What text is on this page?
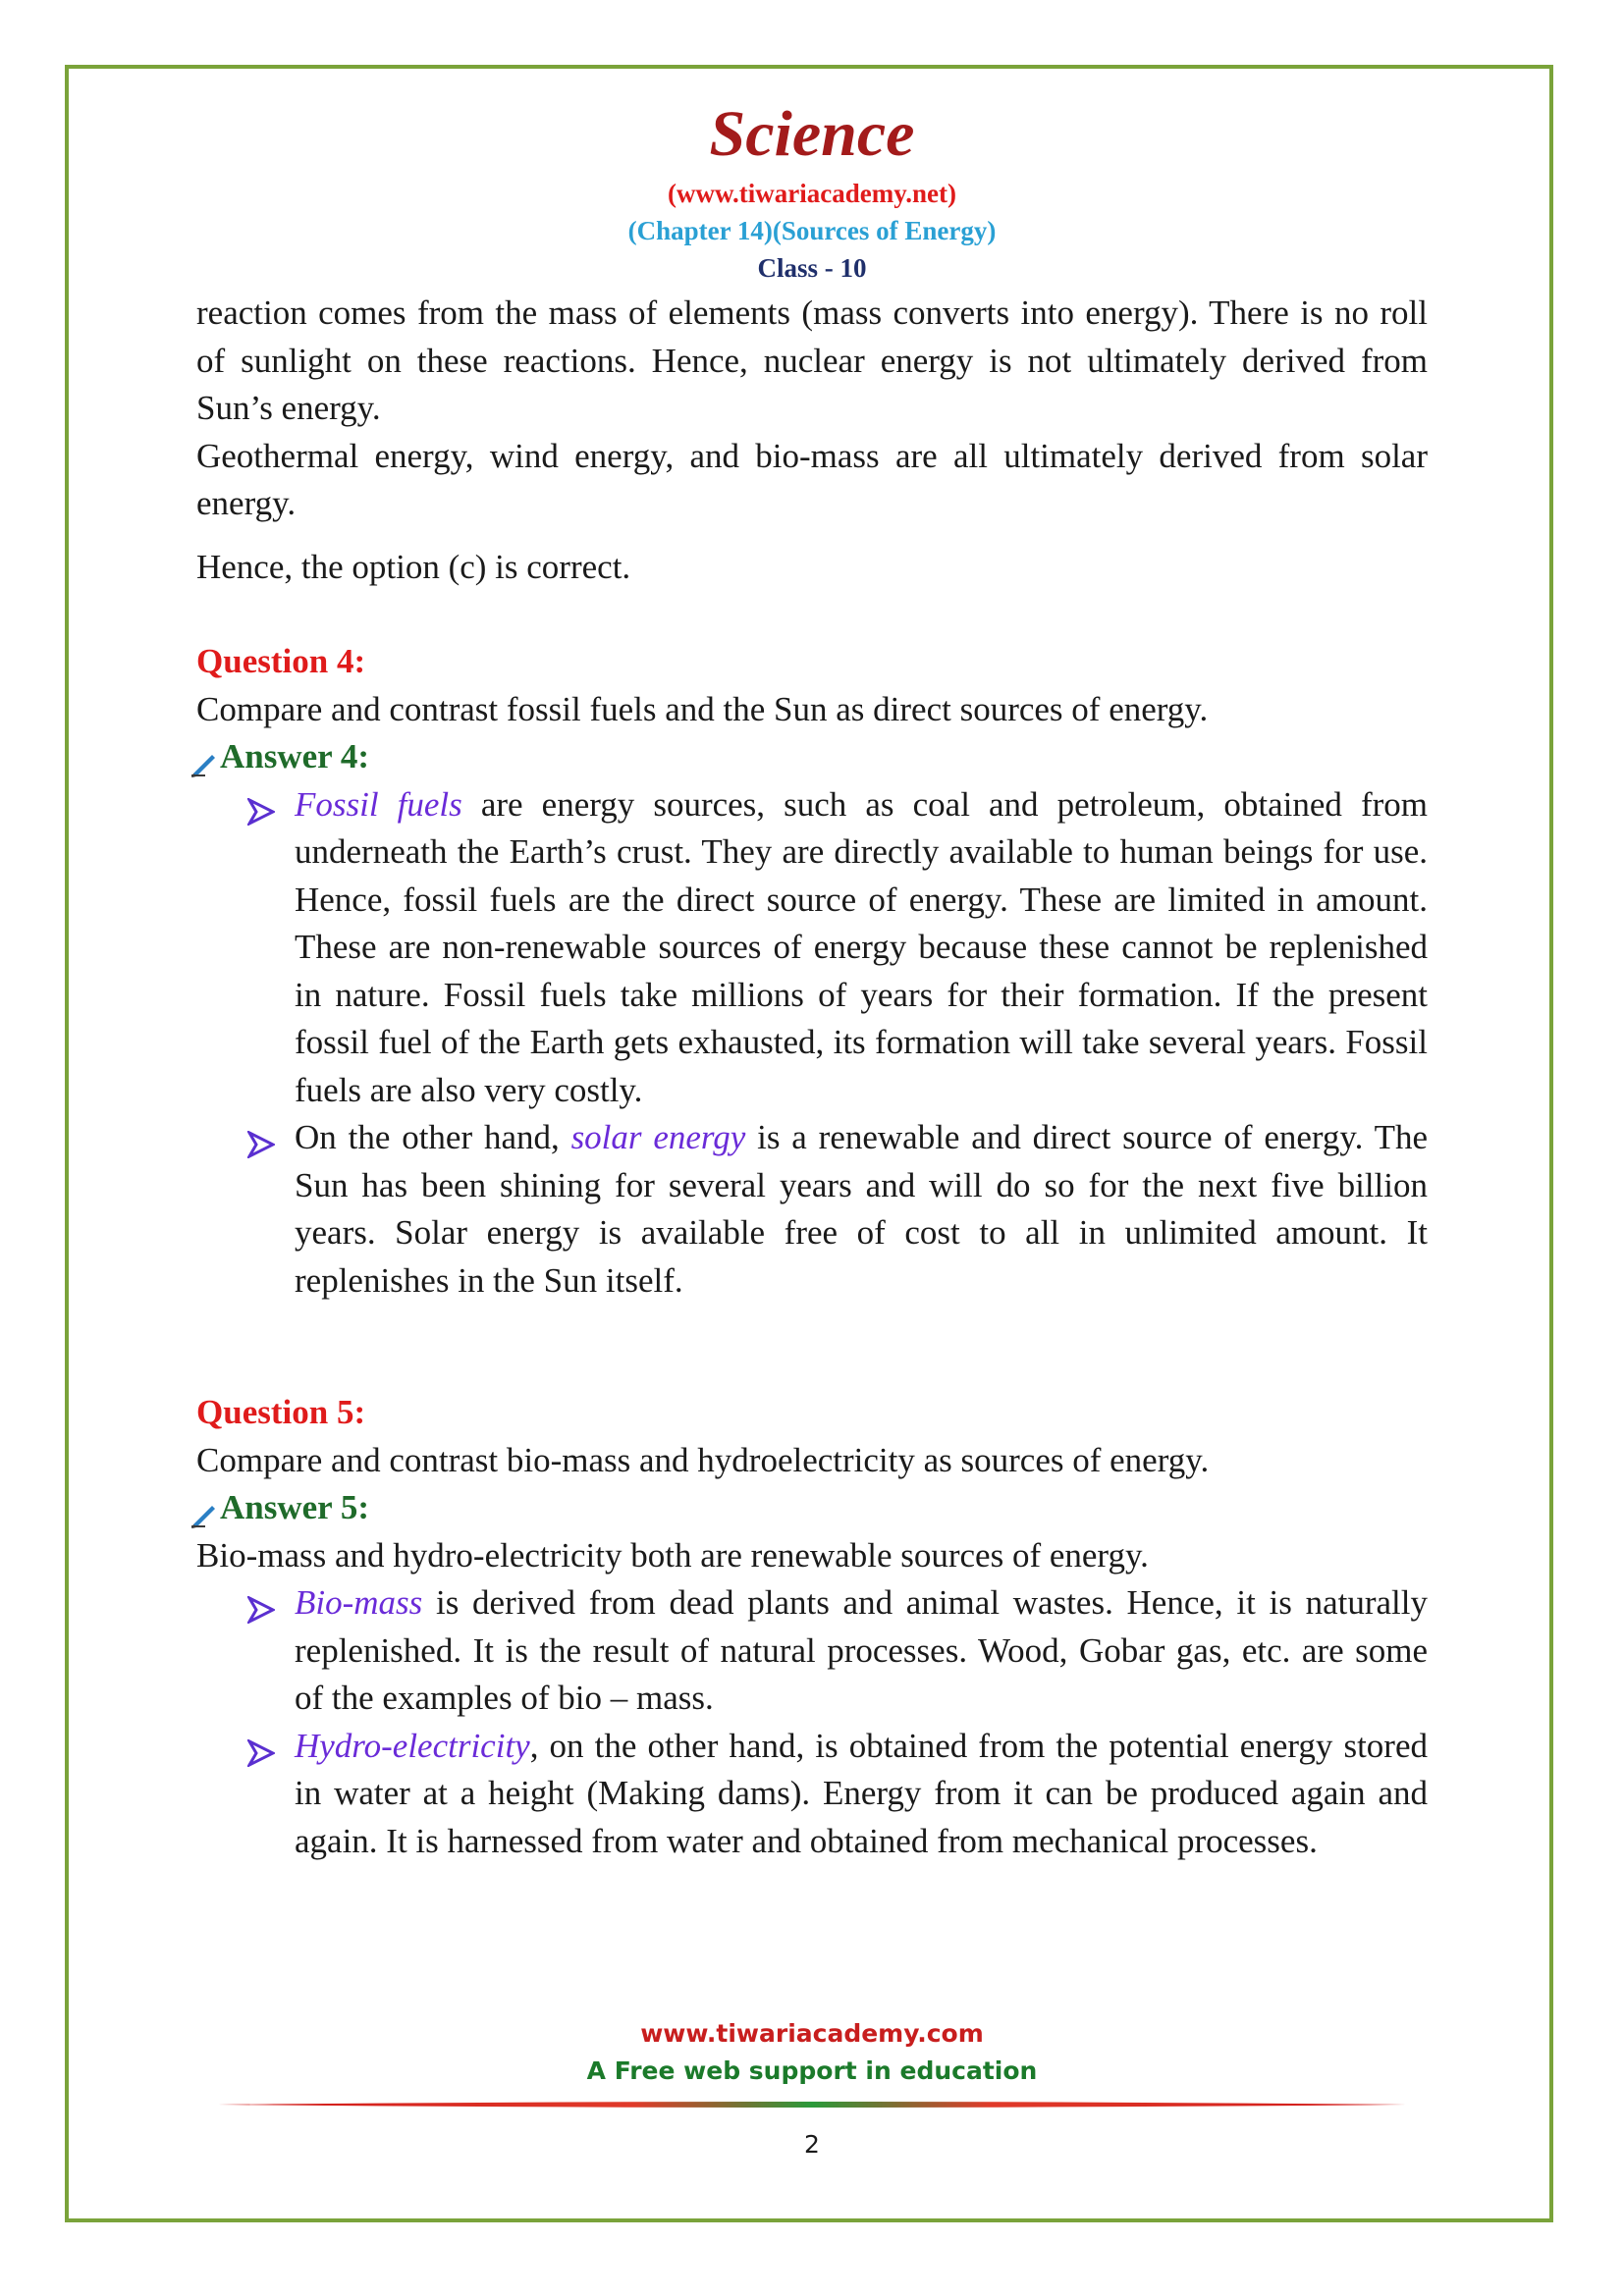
Science
(www.tiwariacademy.net)
(Chapter 14)(Sources of Energy)
Class - 10

reaction comes from the mass of elements (mass converts into energy). There is no roll of sunlight on these reactions. Hence, nuclear energy is not ultimately derived from Sun’s energy.

Geothermal energy, wind energy, and bio-mass are all ultimately derived from solar energy.

Hence, the option (c) is correct.

Question 4:

Compare and contrast fossil fuels and the Sun as direct sources of energy.

Answer 4:
Fossil fuels are energy sources, such as coal and petroleum, obtained from underneath the Earth’s crust. They are directly available to human beings for use. Hence, fossil fuels are the direct source of energy. These are limited in amount. These are non-renewable sources of energy because these cannot be replenished in nature. Fossil fuels take millions of years for their formation. If the present fossil fuel of the Earth gets exhausted, its formation will take several years. Fossil fuels are also very costly.
On the other hand, solar energy is a renewable and direct source of energy. The Sun has been shining for several years and will do so for the next five billion years. Solar energy is available free of cost to all in unlimited amount. It replenishes in the Sun itself.
Question 5:

Compare and contrast bio-mass and hydroelectricity as sources of energy.

Answer 5:

Bio-mass and hydro-electricity both are renewable sources of energy.

Bio-mass is derived from dead plants and animal wastes. Hence, it is naturally replenished. It is the result of natural processes. Wood, Gobar gas, etc. are some of the examples of bio – mass.
Hydro-electricity, on the other hand, is obtained from the potential energy stored in water at a height (Making dams). Energy from it can be produced again and again. It is harnessed from water and obtained from mechanical processes.
www.tiwariacademy.com
A Free web support in education
2
